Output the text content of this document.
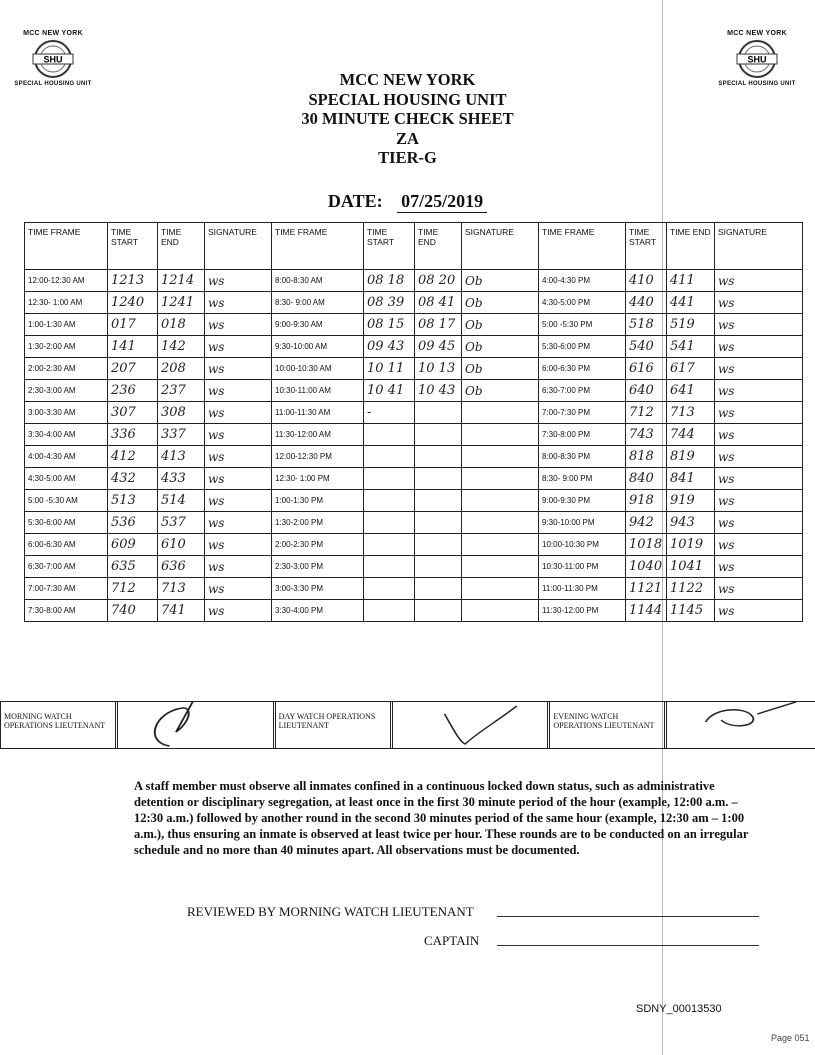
MCC NEW YORK
SHU
SPECIAL HOUSING UNIT
MCC NEW YORK
SHU
SPECIAL HOUSING UNIT
MCC NEW YORK
SPECIAL HOUSING UNIT
30 MINUTE CHECK SHEET
ZA
TIER-G
DATE: 07/25/2019
TIME FRAME	TIME START	TIME END	SIGNATURE	TIME FRAME	TIME START	TIME END	SIGNATURE	TIME FRAME	TIME START	TIME END	SIGNATURE
12:00-12:30 AM	1213	1214	ws	8:00-8:30 AM	08 18	08 20	Ob	4:00-4:30 PM	410	411	ws
12:30- 1:00 AM	1240	1241	ws	8:30- 9:00 AM	08 39	08 41	Ob	4:30-5:00 PM	440	441	ws
1:00-1:30 AM	017	018	ws	9:00-9:30 AM	08 15	08 17	Ob	5:00 -5:30 PM	518	519	ws
1:30-2:00 AM	141	142	ws	9:30-10:00 AM	09 43	09 45	Ob	5:30-6:00 PM	540	541	ws
2:00-2:30 AM	207	208	ws	10:00-10:30 AM	10 11	10 13	Ob	6:00-6:30 PM	616	617	ws
2:30-3:00 AM	236	237	ws	10:30-11:00 AM	10 41	10 43	Ob	6:30-7:00 PM	640	641	ws
3:00-3:30 AM	307	308	ws	11:00-11:30 AM	-			7:00-7:30 PM	712	713	ws
3:30-4:00 AM	336	337	ws	11:30-12:00 AM				7:30-8:00 PM	743	744	ws
4:00-4:30 AM	412	413	ws	12:00-12:30 PM				8:00-8:30 PM	818	819	ws
4:30-5:00 AM	432	433	ws	12:30- 1:00 PM				8:30- 9:00 PM	840	841	ws
5:00 -5:30 AM	513	514	ws	1:00-1:30 PM				9:00-9:30 PM	918	919	ws
5:30-6:00 AM	536	537	ws	1:30-2:00 PM				9:30-10:00 PM	942	943	ws
6:00-6:30 AM	609	610	ws	2:00-2:30 PM				10:00-10:30 PM	1018	1019	ws
6:30-7:00 AM	635	636	ws	2:30-3:00 PM				10:30-11:00 PM	1040	1041	ws
7:00-7:30 AM	712	713	ws	3:00-3:30 PM				11:00-11:30 PM	1121	1122	ws
7:30-8:00 AM	740	741	ws	3:30-4:00 PM				11:30-12:00 PM	1144	1145	ws
MORNING WATCH OPERATIONS LIEUTENANT
DAY WATCH OPERATIONS LIEUTENANT
EVENING WATCH OPERATIONS LIEUTENANT
A staff member must observe all inmates confined in a continuous locked down status, such as administrative detention or disciplinary segregation, at least once in the first 30 minute period of the hour (example, 12:00 a.m. – 12:30 a.m.) followed by another round in the second 30 minutes period of the same hour (example, 12:30 am – 1:00 a.m.), thus ensuring an inmate is observed at least twice per hour. These rounds are to be conducted on an irregular schedule and no more than 40 minutes apart. All observations must be documented.
REVIEWED BY MORNING WATCH LIEUTENANT
CAPTAIN
SDNY_00013530
Page 051
